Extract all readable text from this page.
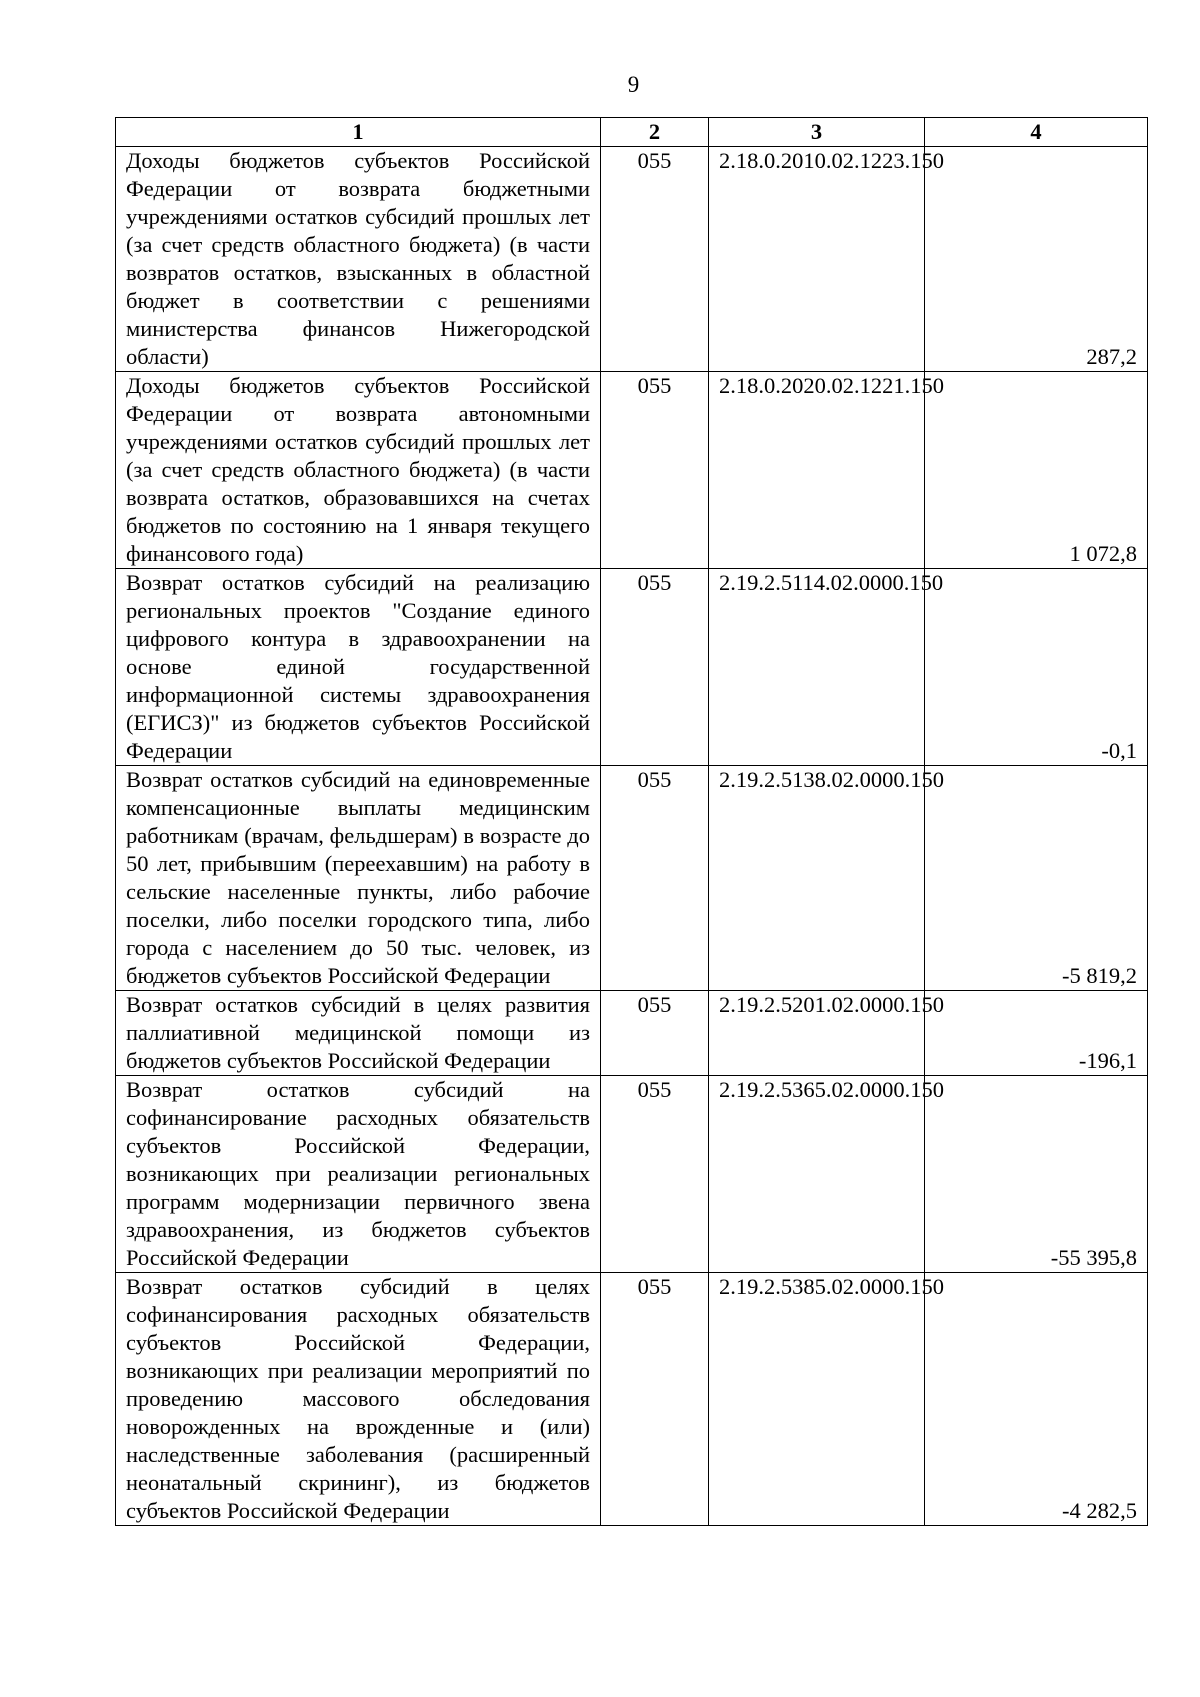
9
1	2	3	4
Доходы бюджетов субъектов Российской Федерации от возврата бюджетными учреждениями остатков субсидий прошлых лет (за счет средств областного бюджета) (в части возвратов остатков, взысканных в областной бюджет в соответствии с решениями министерства финансов Нижегородской области)	055	2.18.0.2010.02.1223.150	287,2
Доходы бюджетов субъектов Российской Федерации от возврата автономными учреждениями остатков субсидий прошлых лет (за счет средств областного бюджета) (в части возврата остатков, образовавшихся на счетах бюджетов по состоянию на 1 января текущего финансового года)	055	2.18.0.2020.02.1221.150	1 072,8
Возврат остатков субсидий на реализацию региональных проектов "Создание единого цифрового контура в здравоохранении на основе единой государственной информационной системы здравоохранения (ЕГИСЗ)" из бюджетов субъектов Российской Федерации	055	2.19.2.5114.02.0000.150	-0,1
Возврат остатков субсидий на единовременные компенсационные выплаты медицинским работникам (врачам, фельдшерам) в возрасте до 50 лет, прибывшим (переехавшим) на работу в сельские населенные пункты, либо рабочие поселки, либо поселки городского типа, либо города с населением до 50 тыс. человек, из бюджетов субъектов Российской Федерации	055	2.19.2.5138.02.0000.150	-5 819,2
Возврат остатков субсидий в целях развития паллиативной медицинской помощи из бюджетов субъектов Российской Федерации	055	2.19.2.5201.02.0000.150	-196,1
Возврат остатков субсидий на софинансирование расходных обязательств субъектов Российской Федерации, возникающих при реализации региональных программ модернизации первичного звена здравоохранения, из бюджетов субъектов Российской Федерации	055	2.19.2.5365.02.0000.150	-55 395,8
Возврат остатков субсидий в целях софинансирования расходных обязательств субъектов Российской Федерации, возникающих при реализации мероприятий по проведению массового обследования новорожденных на врожденные и (или) наследственные заболевания (расширенный неонатальный скрининг), из бюджетов субъектов Российской Федерации	055	2.19.2.5385.02.0000.150	-4 282,5
